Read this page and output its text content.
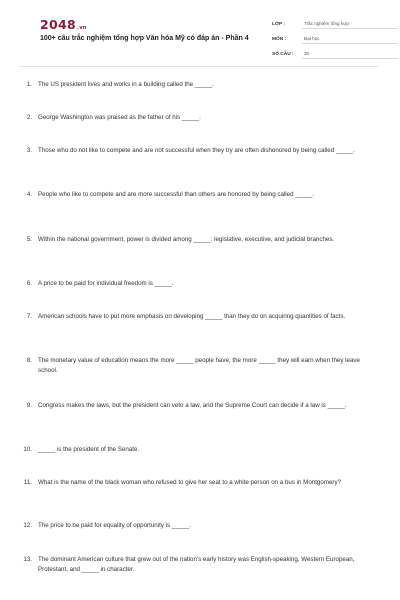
2048.vn
100+ câu trắc nghiệm tổng hợp Văn hóa Mỹ có đáp án - Phần 4
LỚP :	Trắc nghiệm tổng hợp
MÔN :	Đại học
SỐ CÂU :	30
1. The US president lives and works in a building called the _____.
2. George Washington was praised as the father of his _____.
3. Those who do not like to compete and are not successful when they try are often dishonored by being called _____.
4. People who like to compete and are more successful than others are honored by being called _____.
5. Within the national government, power is divided among _____: legislative, executive, and judicial branches.
6. A price to be paid for individual freedom is _____.
7. American schools have to put more emphasis on developing _____ than they do on acquiring quantities of facts.
8. The monetary value of education means the more _____ people have, the more _____ they will earn when they leave school.
9. Congress makes the laws, but the president can veto a law, and the Supreme Court can decide if a law is _____.
10. _____ is the president of the Senate.
11. What is the name of the black woman who refused to give her seat to a white person on a bus in Montgomery?
12. The price to be paid for equality of opportunity is _____.
13. The dominant American culture that grew out of the nation's early history was English-speaking, Western European, Protestant, and _____ in character.
